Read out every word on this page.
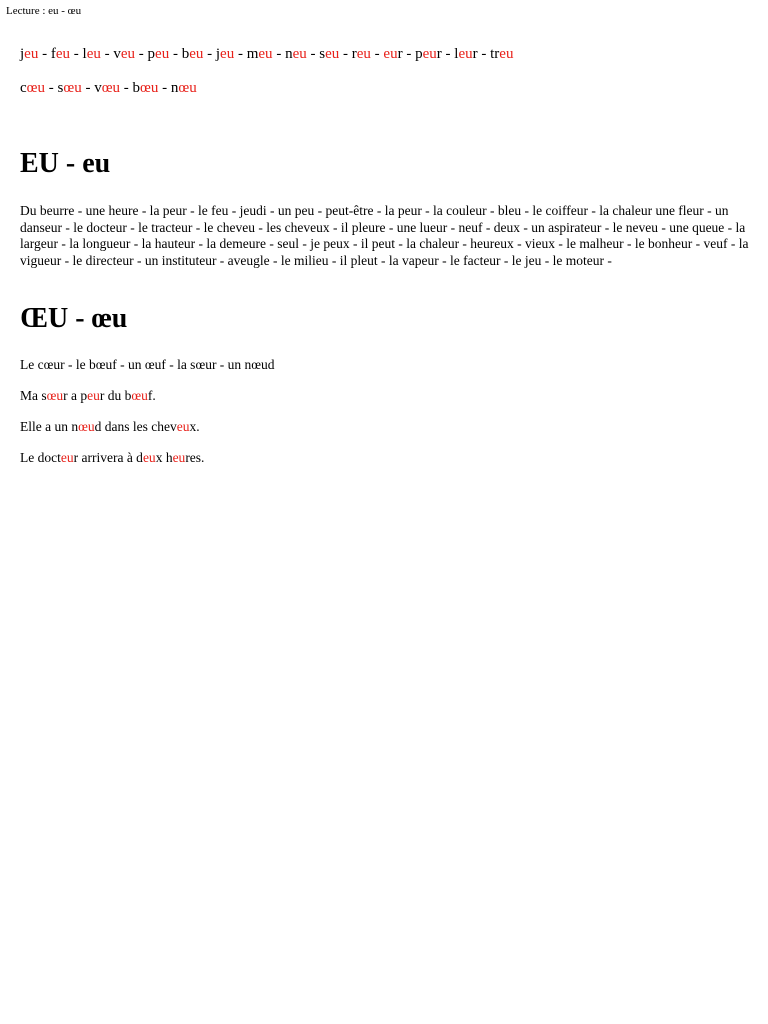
Lecture : eu - œu
jeu - feu - leu - veu - peu - beu - jeu - meu - neu - seu - reu - eur - peur - leur - treu
cœu - sœu - vœu - bœu - nœu
EU - eu

Du beurre - une heure - la peur - le feu - jeudi - un peu - peut-être - la peur - la couleur - bleu - le coiffeur - la chaleur une fleur - un danseur - le docteur - le tracteur - le cheveu - les cheveux - il pleure - une lueur - neuf - deux - un aspirateur - le neveu - une queue - la largeur - la longueur - la hauteur - la demeure - seul - je peux - il peut - la chaleur - heureux - vieux - le malheur - le bonheur - veuf - la vigueur - le directeur - un instituteur - aveugle - le milieu - il pleut - la vapeur - le facteur - le jeu - le moteur -

ŒU - œu

Le cœur - le bœuf - un œuf - la sœur - un nœud

Ma sœur a peur du bœuf.

Elle a un nœud dans les cheveux.

Le docteur arrivera à deux heures.
